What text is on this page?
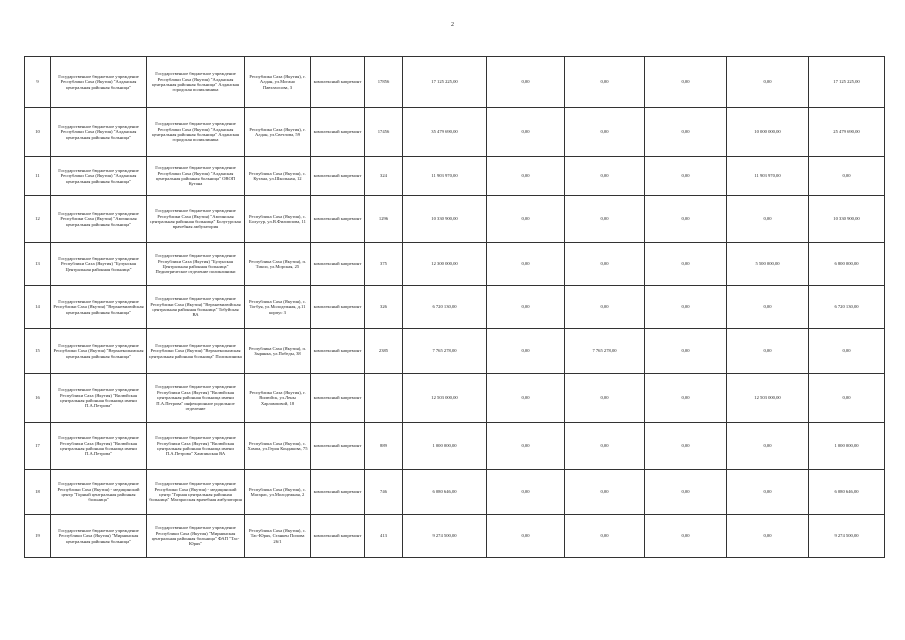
2
9	Государственное бюджетное учреждение Республики Саха (Якутия) "Алданская центральная районная больница"	Государственное бюджетное учреждение Республики Саха (Якутия) "Алданская центральная районная больница" Алданская городская поликлиника	Республика Саха (Якутия), г. Алдан, ул.Могано Павтлаосова, 3	комплексный капремонт	17856	17 125 225,00	0,00	0,00	0,00	0,00	17 125 225,00
10	Государственное бюджетное учреждение Республики Саха (Якутия) "Алданская центральная районная больница"	Государственное бюджетное учреждение Республики Саха (Якутия) "Алданская центральная районная больница" Алданская городская поликлиника	Республика Саха (Якутия), г. Алдан, ул.Светлова, 59	комплексный капремонт	17456	35 479 690,00	0,00	0,00	0,00	10 000 000,00	25 479 690,00
11	Государственное бюджетное учреждение Республики Саха (Якутия) "Алданская центральная районная больница"	Государственное бюджетное учреждение Республики Саха (Якутия) "Алданская центральная районная больница" ОВОП Кутана	Республика Саха (Якутия), с. Кутана, ул.Школьная, 12	комплексный капремонт	324	11 903 970,00	0,00	0,00	0,00	11 903 970,00	0,00
12	Государственное бюджетное учреждение Республики Саха (Якутия) "Амгинская центральная районная больница"	Государственное бюджетное учреждение Республики Саха (Якутия) "Амгинская центральная районная больница" Болугурская врачебная амбулатория	Республика Саха (Якутия), с. Болугур, ул.В.Филиппова, 11	комплексный капремонт	1296	10 330 900,00	0,00	0,00	0,00	0,00	10 330 900,00
13	Государственное бюджетное учреждение Республики Саха (Якутия) "Булунская Центральная районная больница"	Государственное бюджетное учреждение Республики Саха (Якутия) "Булунская Центральная районная больница" Педиатрическое отделение поликлиники	Республика Саха (Якутия), п. Тикси, ул.Морская, 25	комплексный капремонт	375	12 300 000,00	0,00	0,00	0,00	5 500 000,00	6 800 000,00
14	Государственное бюджетное учреждение Республики Саха (Якутия) "Верхневилюйская центральная районная больница"	Государственное бюджетное учреждение Республики Саха (Якутия) "Верхневилюйская центральная районная больница" Тобуйская ВА	Республика Саха (Якутия), с. Тогбуя, ул.Молодежная, д.11 корпус 3	комплексный капремонт	326	6 720 130,00	0,00	0,00	0,00	0,00	6 720 130,00
15	Государственное бюджетное учреждение Республики Саха (Якутия) "Верхнеколымская центральная районная больница"	Государственное бюджетное учреждение Республики Саха (Якутия) "Верхнеколымская центральная районная больница" Поликлиника	Республика Саха (Якутия), п. Зырянка, ул.Победы, 38	комплексный капремонт	2385	7 765 278,00	0,00	7 765 278,00	0,00	0,00	0,00
16	Государственное бюджетное учреждение Республики Саха (Якутия) "Вилюйская центральная районная больница имени П.А.Петрова"	Государственное бюджетное учреждение Республики Саха (Якутия) "Вилюйская центральная районная больница имени П.А.Петрова" инфекционное родильное отделение	Республика Саха (Якутия), г. Вилюйск, ул.Лены Харламповой, 18	комплексный капремонт		12 503 000,00	0,00	0,00	0,00	12 503 000,00	0,00
17	Государственное бюджетное учреждение Республики Саха (Якутия) "Вилюйская центральная районная больница имени П.А.Петрова"	Государственное бюджетное учреждение Республики Саха (Якутия) "Вилюйская центральная районная больница имени П.А.Петрова" Хампинская ВА	Республика Саха (Якутия), с. Хампа, ул.Героя Кондакова, 75	комплексный капремонт	889	1 000 000,00	0,00	0,00	0,00	0,00	1 000 000,00
18	Государственное бюджетное учреждение Республики Саха (Якутия) - медицинский центр "Горный центральная районная больница"	Государственное бюджетное учреждение Республики Саха (Якутия) - медицинский центр "Горная центральная районная больница" Магарасская врачебная амбулатория	Республика Саха (Якутия), с. Магарас, ул.Молодежная, 2	комплексный капремонт	746	6 080 646,00	0,00	0,00	0,00	0,00	6 080 646,00
19	Государственное бюджетное учреждение Республики Саха (Якутия) "Мирнинская центральная районная больница"	Государственное бюджетное учреждение Республики Саха (Якутия) "Мирнинская центральная районная больница" ФАП "Тас-Юрях"	Республика Саха (Якутия), с. Тас-Юрях, Станкен Попова 26/1	комплексный капремонт	413	9 274 500,00	0,00	0,00	0,00	0,00	9 274 500,00
